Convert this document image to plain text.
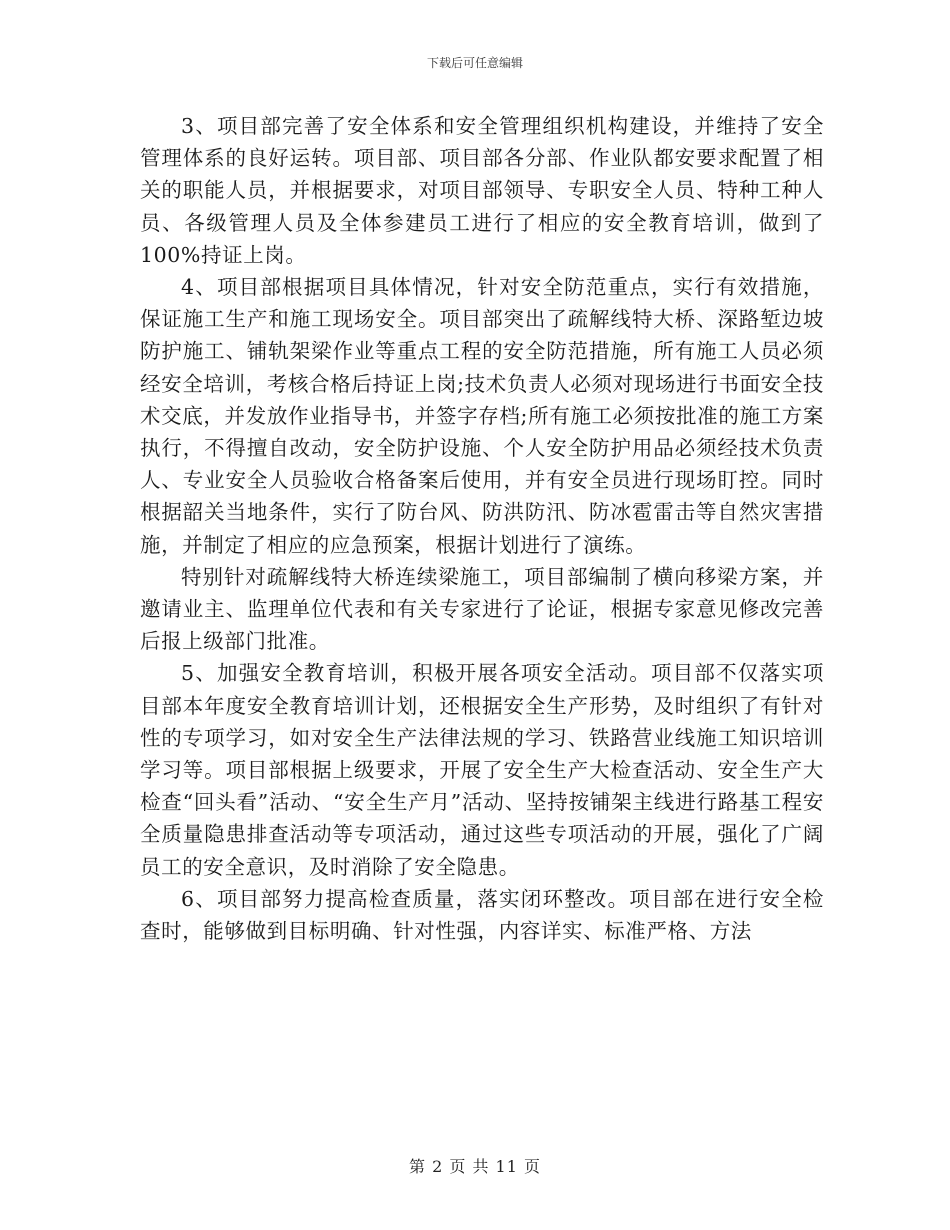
下载后可任意编辑

3、项目部完善了安全体系和安全管理组织机构建设，并维持了安全管理体系的良好运转。项目部、项目部各分部、作业队都安要求配置了相关的职能人员，并根据要求，对项目部领导、专职安全人员、特种工种人员、各级管理人员及全体参建员工进行了相应的安全教育培训，做到了100%持证上岗。

4、项目部根据项目具体情况，针对安全防范重点，实行有效措施，保证施工生产和施工现场安全。项目部突出了疏解线特大桥、深路堑边坡防护施工、铺轨架梁作业等重点工程的安全防范措施，所有施工人员必须经安全培训，考核合格后持证上岗;技术负责人必须对现场进行书面安全技术交底，并发放作业指导书，并签字存档;所有施工必须按批准的施工方案执行，不得擅自改动，安全防护设施、个人安全防护用品必须经技术负责人、专业安全人员验收合格备案后使用，并有安全员进行现场盯控。同时根据韶关当地条件，实行了防台风、防洪防汛、防冰雹雷击等自然灾害措施，并制定了相应的应急预案，根据计划进行了演练。

特别针对疏解线特大桥连续梁施工，项目部编制了横向移梁方案，并邀请业主、监理单位代表和有关专家进行了论证，根据专家意见修改完善后报上级部门批准。

5、加强安全教育培训，积极开展各项安全活动。项目部不仅落实项目部本年度安全教育培训计划，还根据安全生产形势，及时组织了有针对性的专项学习，如对安全生产法律法规的学习、铁路营业线施工知识培训学习等。项目部根据上级要求，开展了安全生产大检查活动、安全生产大检查“回头看”活动、“安全生产月”活动、坚持按铺架主线进行路基工程安全质量隐患排查活动等专项活动，通过这些专项活动的开展，强化了广阔员工的安全意识，及时消除了安全隐患。

6、项目部努力提高检查质量，落实闭环整改。项目部在进行安全检查时，能够做到目标明确、针对性强，内容详实、标准严格、方法

第 2 页 共 11 页
